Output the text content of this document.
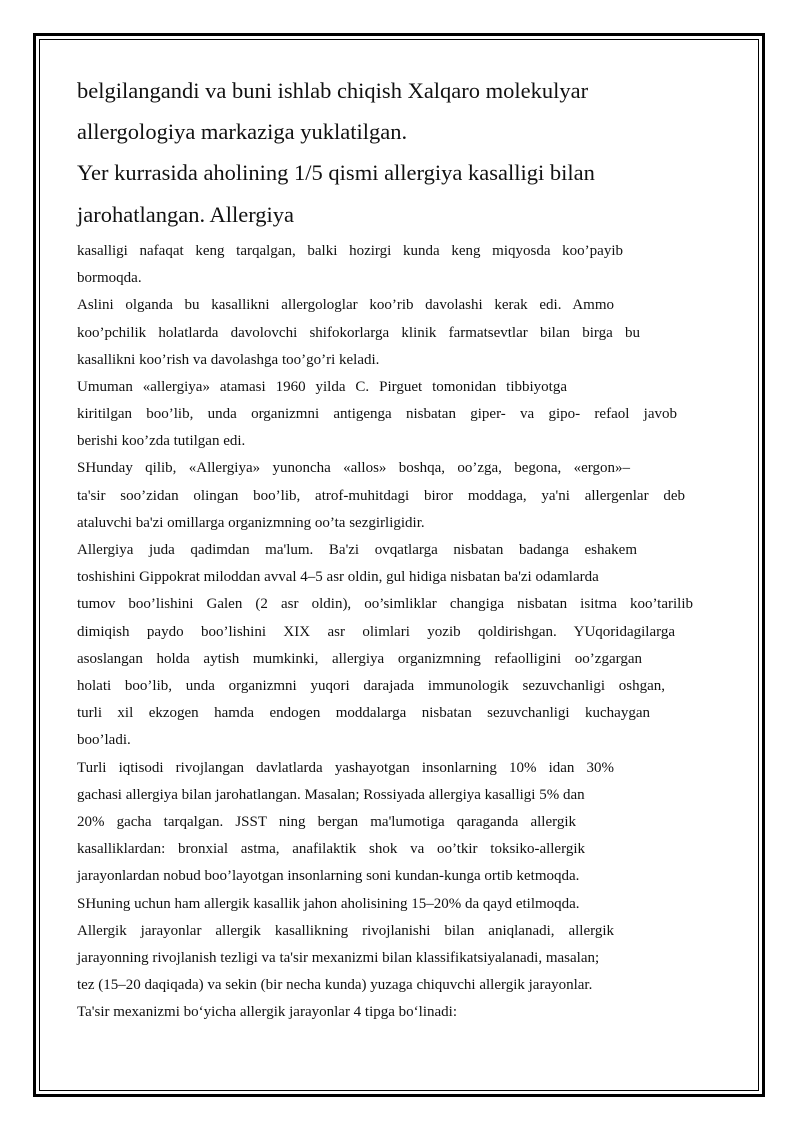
belgilangandi va buni ishlab chiqish Xalqaro molekulyar
allergologiya markaziga yuklatilgan.
Yer kurrasida aholining 1/5 qismi allergiya kasalligi bilan
jarohatlangan. Allergiya
kasalligi nafaqat keng tarqalgan, balki hozirgi kunda keng miqyosda koo’payib
bormoqda.
Aslini olganda bu kasallikni allergologlar koo’rib davolashi kerak edi. Ammo
koo’pchilik holatlarda davolovchi shifokorlarga klinik farmatsevtlar bilan birga bu
kasallikni koo’rish va davolashga too’go’ri keladi.
Umuman «allergiya» atamasi 1960 yilda C. Pirguet tomonidan tibbiyotga
kiritilgan boo’lib, unda organizmni antigenga nisbatan giper- va gipo- refaol javob
berishi koo’zda tutilgan edi.
SHunday qilib, «Allergiya» yunoncha «allos» boshqa, oo’zga, begona, «ergon»–
ta'sir soo’zidan olingan boo’lib, atrof-muhitdagi biror moddaga, ya'ni allergenlar deb
ataluvchi ba'zi omillarga organizmning oo’ta sezgirligidir.
Allergiya juda qadimdan ma'lum. Ba'zi ovqatlarga nisbatan badanga eshakem
toshishini Gippokrat miloddan avval 4–5 asr oldin, gul hidiga nisbatan ba'zi odamlarda
tumov boo’lishini Galen (2 asr oldin), oo’simliklar changiga nisbatan isitma koo’tarilib
dimiqish paydo boo’lishini XIX asr olimlari yozib qoldirishgan. YUqoridagilarga
asoslangan holda aytish mumkinki, allergiya organizmning refaolligini oo’zgargan
holati boo’lib, unda organizmni yuqori darajada immunologik sezuvchanligi oshgan,
turli xil ekzogen hamda endogen moddalarga nisbatan sezuvchanligi kuchaygan
boo’ladi.
Turli iqtisodi rivojlangan davlatlarda yashayotgan insonlarning 10% idan 30%
gachasi allergiya bilan jarohatlangan. Masalan; Rossiyada allergiya kasalligi 5% dan
20% gacha tarqalgan. JSST ning bergan ma'lumotiga qaraganda allergik
kasalliklardan: bronxial astma, anafilaktik shok va oo’tkir toksiko-allergik
jarayonlardan nobud boo’layotgan insonlarning soni kundan-kunga ortib ketmoqda.
SHuning uchun ham allergik kasallik jahon aholisining 15–20% da qayd etilmoqda.
Allergik jarayonlar allergik kasallikning rivojlanishi bilan aniqlanadi, allergik
jarayonning rivojlanish tezligi va ta'sir mexanizmi bilan klassifikatsiyalanadi, masalan;
tez (15–20 daqiqada) va sekin (bir necha kunda) yuzaga chiquvchi allergik jarayonlar.
Ta'sir mexanizmi bo‘yicha allergik jarayonlar 4 tipga bo‘linadi:
